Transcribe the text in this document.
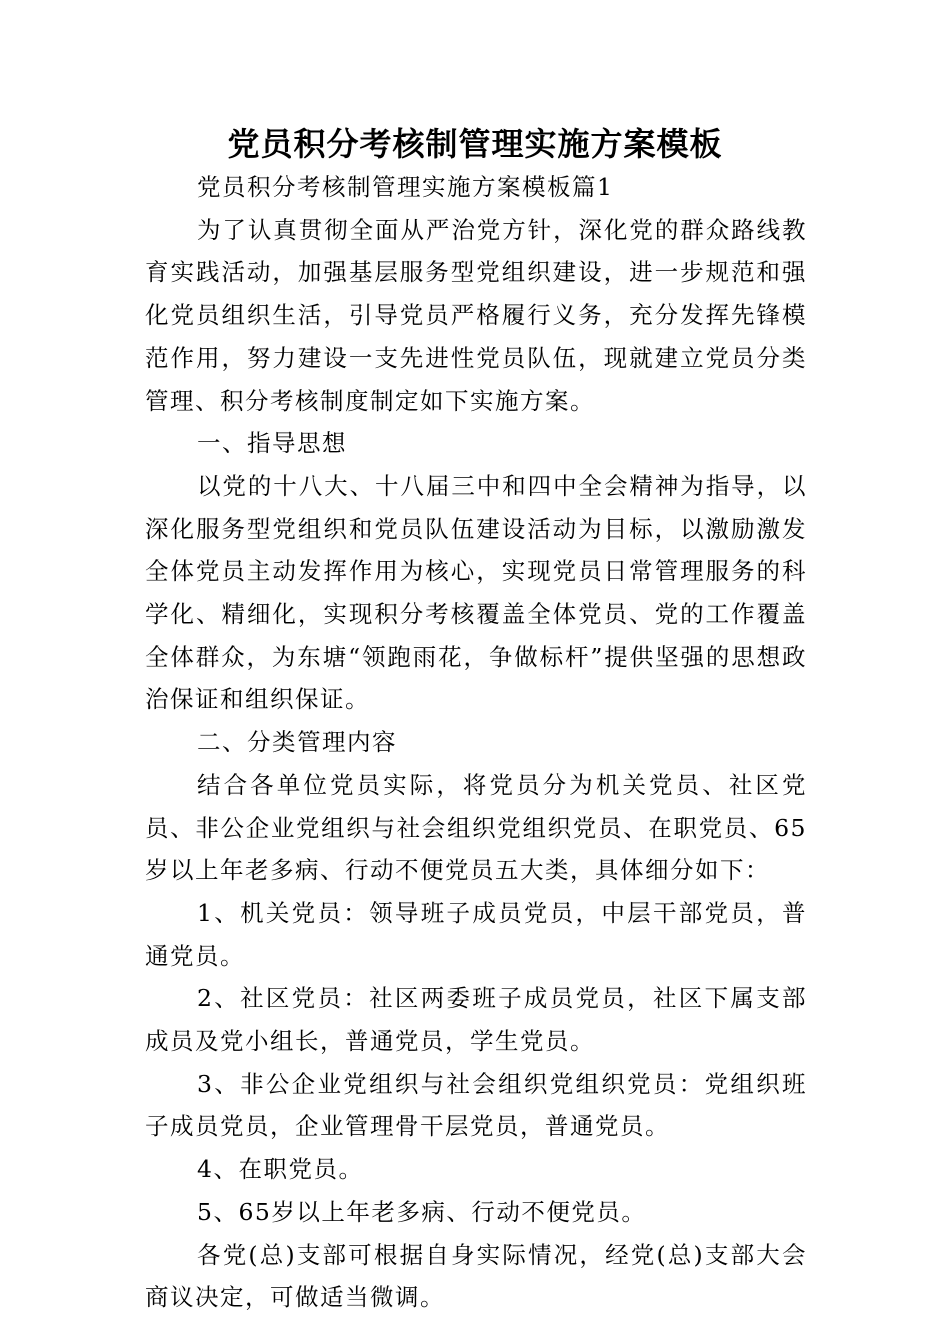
党员积分考核制管理实施方案模板

党员积分考核制管理实施方案模板篇1

为了认真贯彻全面从严治党方针，深化党的群众路线教育实践活动，加强基层服务型党组织建设，进一步规范和强化党员组织生活，引导党员严格履行义务，充分发挥先锋模范作用，努力建设一支先进性党员队伍，现就建立党员分类管理、积分考核制度制定如下实施方案。

一、指导思想

以党的十八大、十八届三中和四中全会精神为指导，以深化服务型党组织和党员队伍建设活动为目标，以激励激发全体党员主动发挥作用为核心，实现党员日常管理服务的科学化、精细化，实现积分考核覆盖全体党员、党的工作覆盖全体群众，为东塘“领跑雨花，争做标杆”提供坚强的思想政治保证和组织保证。

二、分类管理内容

结合各单位党员实际，将党员分为机关党员、社区党员、非公企业党组织与社会组织党组织党员、在职党员、65岁以上年老多病、行动不便党员五大类，具体细分如下：

1、机关党员：领导班子成员党员，中层干部党员，普通党员。

2、社区党员：社区两委班子成员党员，社区下属支部成员及党小组长，普通党员，学生党员。

3、非公企业党组织与社会组织党组织党员：党组织班子成员党员，企业管理骨干层党员，普通党员。

4、在职党员。

5、65岁以上年老多病、行动不便党员。

各党(总)支部可根据自身实际情况，经党(总)支部大会商议决定，可做适当微调。
